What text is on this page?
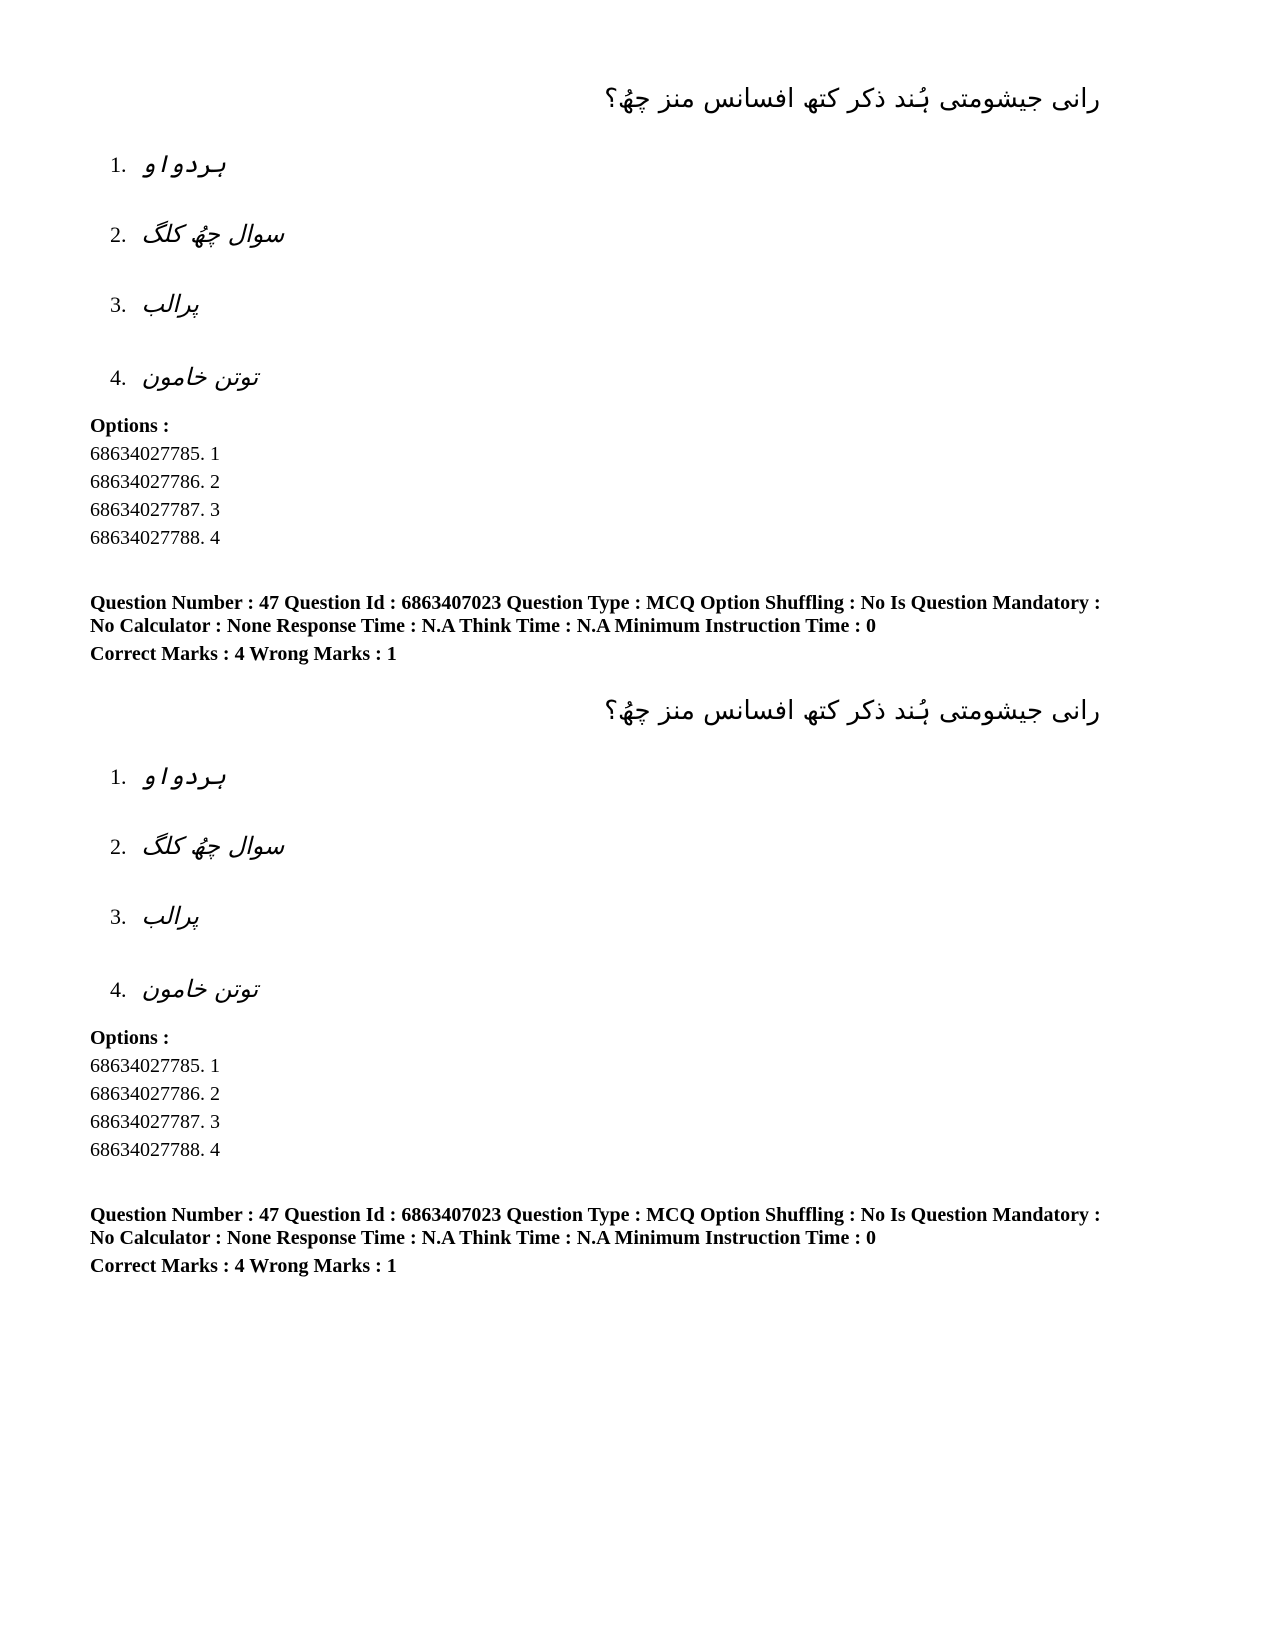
رانی جیشومتی ہُند ذکر کتھ افسانس منز چھُ؟
1. ہردواو
2. سوال چھُ کلگ
3. پرالب
4. توتن خامون
Options :
68634027785. 1
68634027786. 2
68634027787. 3
68634027788. 4
Question Number : 47 Question Id : 6863407023 Question Type : MCQ Option Shuffling : No Is Question Mandatory :
No Calculator : None Response Time : N.A Think Time : N.A Minimum Instruction Time : 0
Correct Marks : 4 Wrong Marks : 1
رانی جیشومتی ہُند ذکر کتھ افسانس منز چھُ؟
1. ہردواو
2. سوال چھُ کلگ
3. پرالب
4. توتن خامون
Options :
68634027785. 1
68634027786. 2
68634027787. 3
68634027788. 4
Question Number : 47 Question Id : 6863407023 Question Type : MCQ Option Shuffling : No Is Question Mandatory :
No Calculator : None Response Time : N.A Think Time : N.A Minimum Instruction Time : 0
Correct Marks : 4 Wrong Marks : 1
